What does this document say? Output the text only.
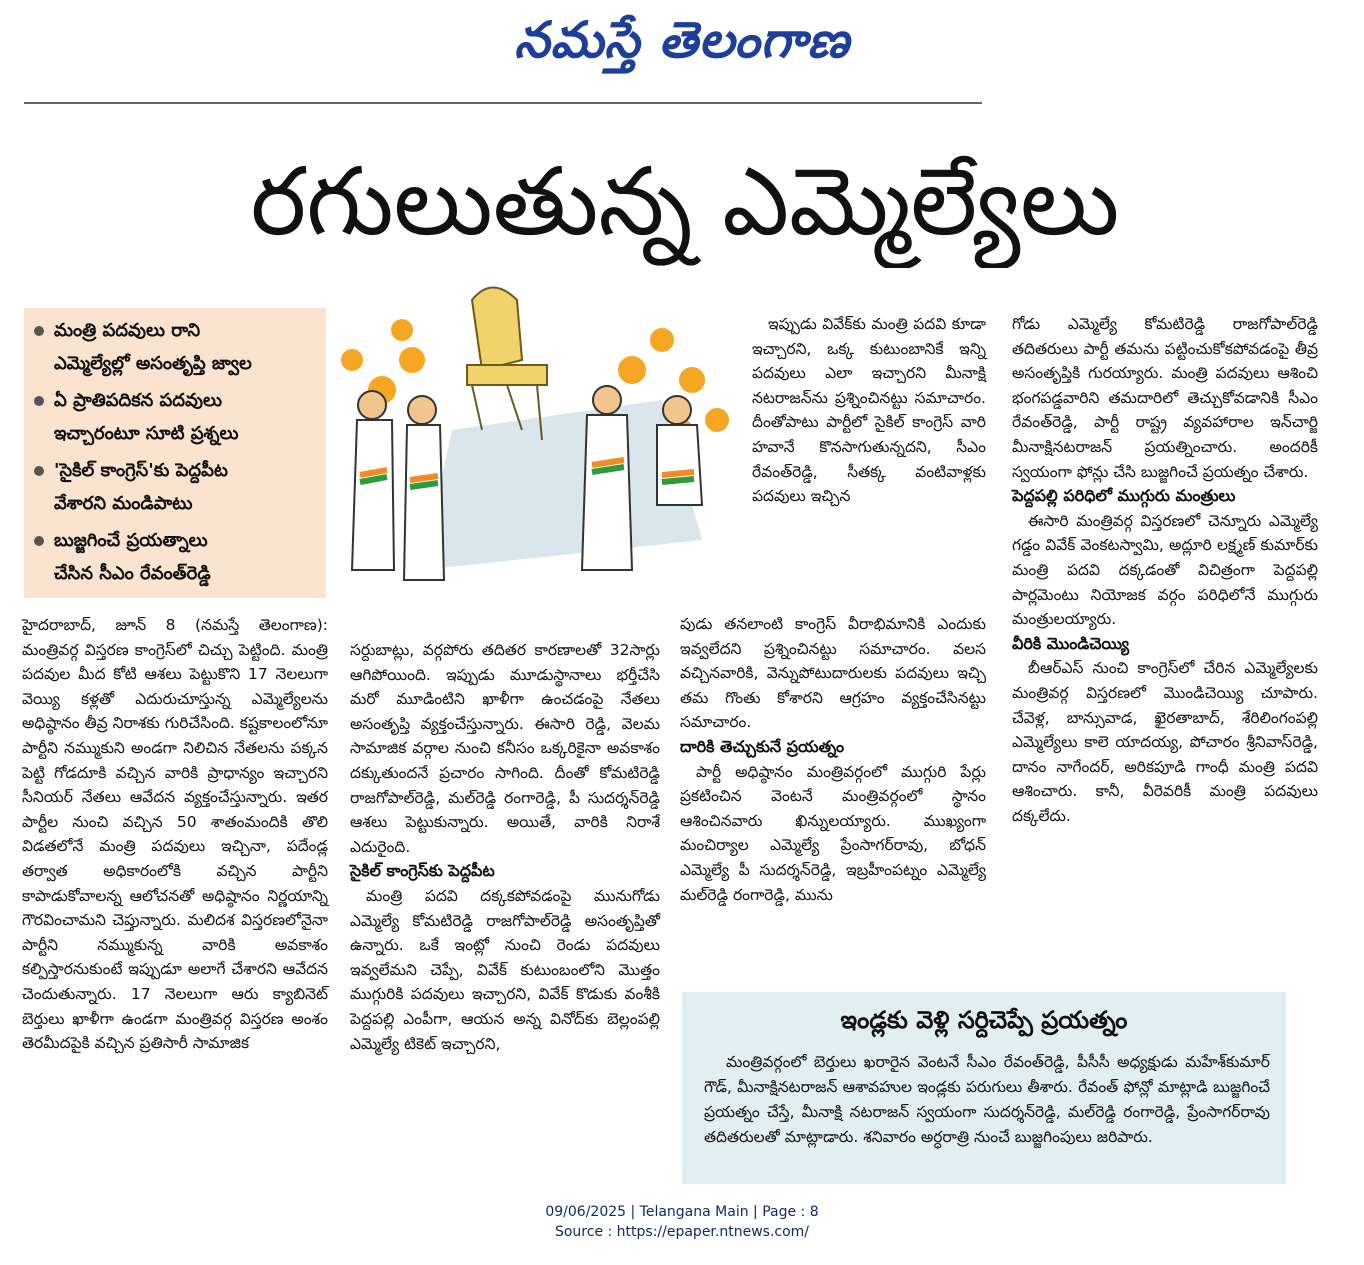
నమస్తే తెలంగాణ
రగులుతున్న ఎమ్మెల్యేలు
మంత్రి పదవులు రాని
ఎమ్మెల్యేల్లో అసంతృప్తి జ్వాల
ఏ ప్రాతిపదికన పదవులు
ఇచ్చారంటూ సూటి ప్రశ్నలు
'సైకిల్ కాంగ్రెస్'కు పెద్దపీట
వేశారని మండిపాటు
బుజ్జగించే ప్రయత్నాలు
చేసిన సీఎం రేవంత్‌రెడ్డి

హైదరాబాద్, జూన్ 8 (నమస్తే తెలంగాణ): మంత్రివర్గ విస్తరణ కాంగ్రెస్‌లో చిచ్చు పెట్టింది. మంత్రి పదవుల మీద కోటి ఆశలు పెట్టుకొని 17 నెలలుగా వెయ్యి కళ్లతో ఎదురుచూస్తున్న ఎమ్మెల్యేలను అధిష్ఠానం తీవ్ర నిరాశకు గురిచేసింది. కష్టకాలంలోనూ పార్టీని నమ్ముకుని అండగా నిలిచిన నేతలను పక్కన పెట్టి గోడదూకి వచ్చిన వారికి ప్రాధాన్యం ఇచ్చారని సీనియర్ నేతలు ఆవేదన వ్యక్తంచేస్తున్నారు. ఇతర పార్టీల నుంచి వచ్చిన 50 శాతంమందికి తొలి విడతలోనే మంత్రి పదవులు ఇచ్చినా, పదేండ్ల తర్వాత అధికారంలోకి వచ్చిన పార్టీని కాపాడుకోవాలన్న ఆలోచనతో అధిష్ఠానం నిర్ణయాన్ని గౌరవించామని చెప్తున్నారు. మలిదశ విస్తరణలోనైనా పార్టీని నమ్ముకున్న వారికి అవకాశం కల్పిస్తారనుకుంటే ఇప్పుడూ అలాగే చేశారని ఆవేదన చెందుతున్నారు. 17 నెలలుగా ఆరు క్యాబినెట్ బెర్తులు ఖాళీగా ఉండగా మంత్రివర్గ విస్తరణ అంశం తెరమీదపైకి వచ్చిన ప్రతిసారీ సామాజిక

సర్దుబాట్లు, వర్గపోరు తదితర కారణాలతో 32సార్లు ఆగిపోయింది. ఇప్పుడు మూడుస్థానాలు భర్తీచేసి మరో మూడింటిని ఖాళీగా ఉంచడంపై నేతలు అసంతృప్తి వ్యక్తంచేస్తున్నారు. ఈసారి రెడ్డి, వెలమ సామాజిక వర్గాల నుంచి కనీసం ఒక్కరికైనా అవకాశం దక్కుతుందనే ప్రచారం సాగింది. దీంతో కోమటిరెడ్డి రాజగోపాల్‌రెడ్డి, మల్‌రెడ్డి రంగారెడ్డి, పీ సుదర్శన్‌రెడ్డి ఆశలు పెట్టుకున్నారు. అయితే, వారికి నిరాశే ఎదురైంది.

సైకిల్ కాంగ్రెస్‌కు పెద్దపీట

మంత్రి పదవి దక్కకపోవడంపై మునుగోడు ఎమ్మెల్యే కోమటిరెడ్డి రాజగోపాల్‌రెడ్డి అసంతృప్తితో ఉన్నారు. ఒకే ఇంట్లో నుంచి రెండు పదవులు ఇవ్వలేమని చెప్పే, వివేక్ కుటుంబంలోని మొత్తం ముగ్గురికి పదవులు ఇచ్చారని, వివేక్ కొడుకు వంశీకి పెద్దపల్లి ఎంపీగా, ఆయన అన్న వినోద్‌కు బెల్లంపల్లి ఎమ్మెల్యే టికెట్ ఇచ్చారని,

ఇప్పుడు వివేక్‌కు మంత్రి పదవి కూడా ఇచ్చారని, ఒక్క కుటుంబానికే ఇన్ని పదవులు ఎలా ఇచ్చారని మీనాక్షి నటరాజన్‌ను ప్రశ్నించినట్టు సమాచారం. దీంతోపాటు పార్టీలో సైకిల్ కాంగ్రెస్ వారి హవానే కొనసాగుతున్నదని, సీఎం రేవంత్‌రెడ్డి, సీతక్క వంటివాళ్లకు పదవులు ఇచ్చిన

పుడు తనలాంటి కాంగ్రెస్ వీరాభిమానికి ఎందుకు ఇవ్వలేదని ప్రశ్నించినట్టు సమాచారం. వలస వచ్చినవారికి, వెన్నుపోటుదారులకు పదవులు ఇచ్చి తమ గొంతు కోశారని ఆగ్రహం వ్యక్తంచేసినట్టు సమాచారం.

దారికి తెచ్చుకునే ప్రయత్నం

పార్టీ అధిష్ఠానం మంత్రివర్గంలో ముగ్గురి పేర్లు ప్రకటించిన వెంటనే మంత్రివర్గంలో స్థానం ఆశించినవారు ఖిన్నులయ్యారు. ముఖ్యంగా మంచిర్యాల ఎమ్మెల్యే ప్రేంసాగర్‌రావు, బోధన్ ఎమ్మెల్యే పీ సుదర్శన్‌రెడ్డి, ఇబ్రహీంపట్నం ఎమ్మెల్యే మల్‌రెడ్డి రంగారెడ్డి, మును

గోడు ఎమ్మెల్యే కోమటిరెడ్డి రాజగోపాల్‌రెడ్డి తదితరులు పార్టీ తమను పట్టించుకోకపోవడంపై తీవ్ర అసంతృప్తికి గురయ్యారు. మంత్రి పదవులు ఆశించి భంగపడ్డవారిని తమదారిలో తెచ్చుకోవడానికి సీఎం రేవంత్‌రెడ్డి, పార్టీ రాష్ట్ర వ్యవహారాల ఇన్‌చార్జి మీనాక్షినటరాజన్ ప్రయత్నించారు. అందరికీ స్వయంగా ఫోన్లు చేసి బుజ్జగించే ప్రయత్నం చేశారు.

పెద్దపల్లి పరిధిలో ముగ్గురు మంత్రులు

ఈసారి మంత్రివర్గ విస్తరణలో చెన్నూరు ఎమ్మెల్యే గడ్డం వివేక్ వెంకటస్వామి, అద్లూరి లక్ష్మణ్ కుమార్‌కు మంత్రి పదవి దక్కడంతో విచిత్రంగా పెద్దపల్లి పార్లమెంటు నియోజక వర్గం పరిధిలోనే ముగ్గురు మంత్రులయ్యారు.

వీరికి మొండిచెయ్యి

బీఆర్ఎస్ నుంచి కాంగ్రెస్‌లో చేరిన ఎమ్మెల్యేలకు మంత్రివర్గ విస్తరణలో మొండిచెయ్యి చూపారు. చేవెళ్ల, బాన్సువాడ, ఖైరతాబాద్, శేరిలింగంపల్లి ఎమ్మెల్యేలు కాలె యాదయ్య, పోచారం శ్రీనివాస్‌రెడ్డి, దానం నాగేందర్, అరికపూడి గాంధీ మంత్రి పదవి ఆశించారు. కానీ, వీరెవరికీ మంత్రి పదవులు దక్కలేదు.

ఇండ్లకు వెళ్లి సర్దిచెప్పే ప్రయత్నం
మంత్రివర్గంలో బెర్తులు ఖరారైన వెంటనే సీఎం రేవంత్‌రెడ్డి, పీసీసీ అధ్యక్షుడు మహేశ్‌కుమార్ గౌడ్, మీనాక్షినటరాజన్ ఆశావహుల ఇండ్లకు పరుగులు తీశారు. రేవంత్ ఫోన్లో మాట్లాడి బుజ్జగించే ప్రయత్నం చేస్తే, మీనాక్షి నటరాజన్ స్వయంగా సుదర్శన్‌రెడ్డి, మల్‌రెడ్డి రంగారెడ్డి, ప్రేంసాగర్‌రావు తదితరులతో మాట్లాడారు. శనివారం అర్ధరాత్రి నుంచే బుజ్జగింపులు జరిపారు.
09/06/2025 | Telangana Main | Page : 8
Source : https://epaper.ntnews.com/
